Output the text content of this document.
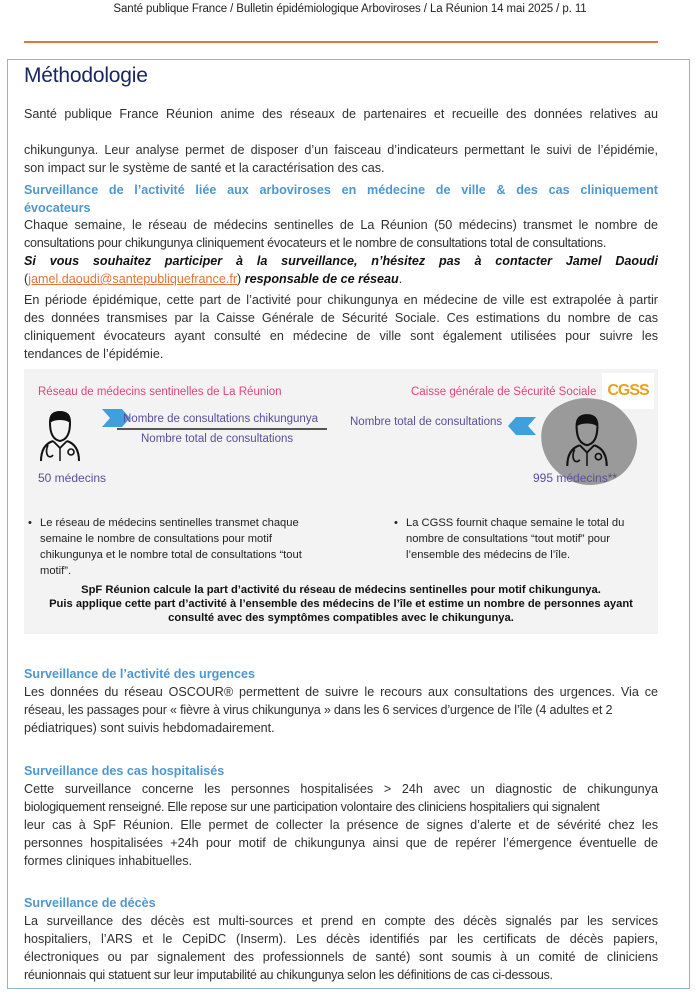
Santé publique France / Bulletin épidémiologique Arboviroses / La Réunion 14 mai 2025 / p. 11
Méthodologie
Santé publique France Réunion anime des réseaux de partenaires et recueille des données relatives au
chikungunya. Leur analyse permet de disposer d’un faisceau d’indicateurs permettant le suivi de l’épidémie,
son impact sur le système de santé et la caractérisation des cas.
Surveillance de l’activité liée aux arboviroses en médecine de ville & des cas cliniquement
évocateurs
Chaque semaine, le réseau de médecins sentinelles de La Réunion (50 médecins) transmet le nombre de
consultations pour chikungunya cliniquement évocateurs et le nombre de consultations total de consultations.
Si vous souhaitez participer à la surveillance, n’hésitez pas à contacter Jamel Daoudi
(jamel.daoudi@santepubliquefrance.fr) responsable de ce réseau.
En période épidémique, cette part de l’activité pour chikungunya en médecine de ville est extrapolée à partir
des données transmises par la Caisse Générale de Sécurité Sociale. Ces estimations du nombre de cas
cliniquement évocateurs ayant consulté en médecine de ville sont également utilisées pour suivre les
tendances de l’épidémie.
Réseau de médecins sentinelles de La Réunion
Nombre de consultations chikungunya
Nombre total de consultations
50 médecins
Caisse générale de Sécurité Sociale CGSS
Nombre total de consultations
995 médecins**
• Le réseau de médecins sentinelles transmet chaque
semaine le nombre de consultations pour motif
chikungunya et le nombre total de consultations “tout
motif”.
• La CGSS fournit chaque semaine le total du
nombre de consultations “tout motif” pour
l’ensemble des médecins de l’île.
SpF Réunion calcule la part d’activité du réseau de médecins sentinelles pour motif chikungunya.
Puis applique cette part d’activité à l’ensemble des médecins de l’île et estime un nombre de personnes ayant
consulté avec des symptômes compatibles avec le chikungunya.
Surveillance de l’activité des urgences
Les données du réseau OSCOUR® permettent de suivre le recours aux consultations des urgences. Via ce
réseau, les passages pour « fièvre à virus chikungunya » dans les 6 services d’urgence de l’île (4 adultes et 2
pédiatriques) sont suivis hebdomadairement.
Surveillance des cas hospitalisés
Cette surveillance concerne les personnes hospitalisées > 24h avec un diagnostic de chikungunya
biologiquement renseigné. Elle repose sur une participation volontaire des cliniciens hospitaliers qui signalent
leur cas à SpF Réunion. Elle permet de collecter la présence de signes d’alerte et de sévérité chez les
personnes hospitalisées +24h pour motif de chikungunya ainsi que de repérer l’émergence éventuelle de
formes cliniques inhabituelles.
Surveillance de décès
La surveillance des décès est multi-sources et prend en compte des décès signalés par les services
hospitaliers, l’ARS et le CepiDC (Inserm). Les décès identifiés par les certificats de décès papiers,
électroniques ou par signalement des professionnels de santé) sont soumis à un comité de cliniciens
réunionnais qui statuent sur leur imputabilité au chikungunya selon les définitions de cas ci-dessous.
